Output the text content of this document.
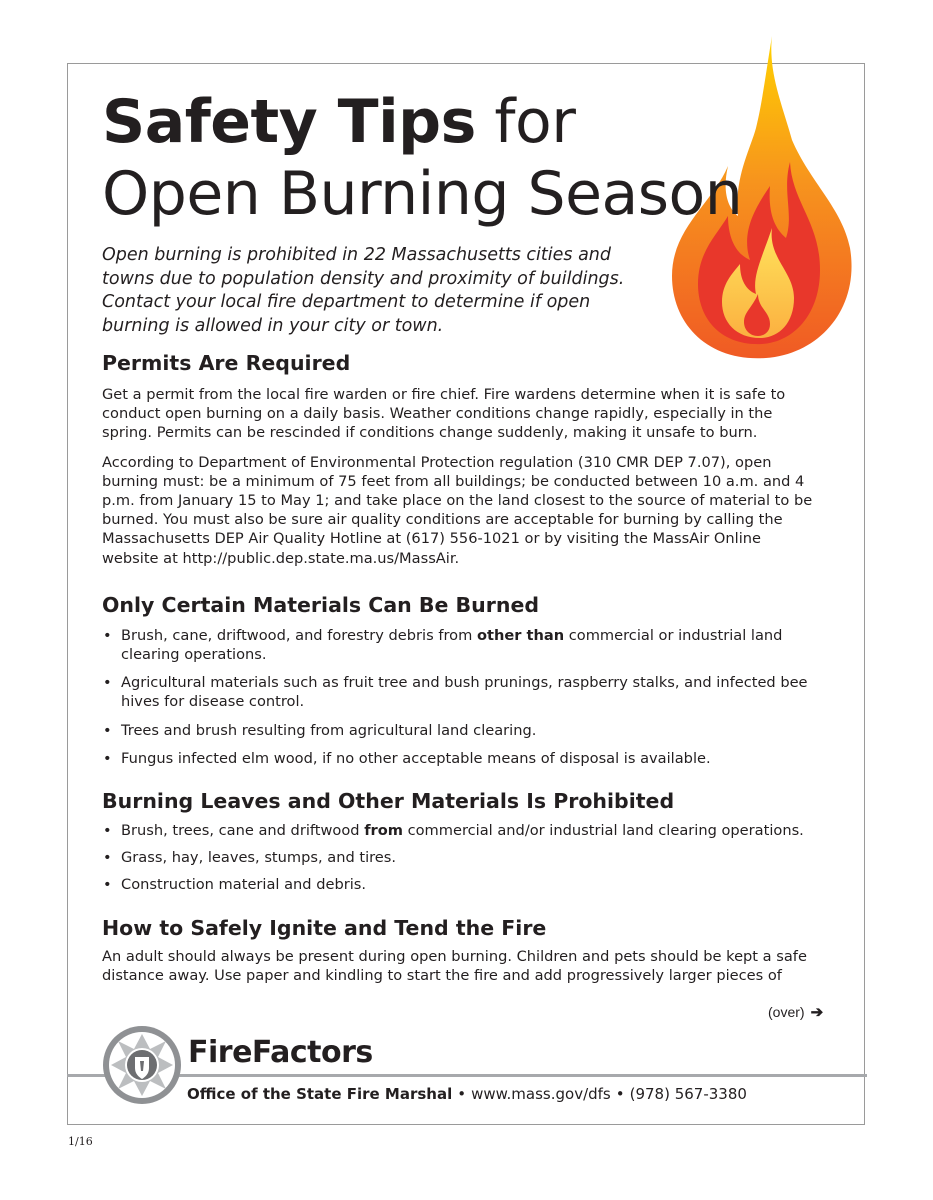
Safety Tips for
Open Burning Season

Open burning is prohibited in 22 Massachusetts cities and towns due to population density and proximity of buildings. Contact your local fire department to determine if open burning is allowed in your city or town.

Permits Are Required

Get a permit from the local fire warden or fire chief. Fire wardens determine when it is safe to conduct open burning on a daily basis. Weather conditions change rapidly, especially in the spring. Permits can be rescinded if conditions change suddenly, making it unsafe to burn.

According to Department of Environmental Protection regulation (310 CMR DEP 7.07), open burning must: be a minimum of 75 feet from all buildings; be conducted between 10 a.m. and 4 p.m. from January 15 to May 1; and take place on the land closest to the source of material to be burned. You must also be sure air quality conditions are acceptable for burning by calling the Massachusetts DEP Air Quality Hotline at (617) 556-1021 or by visiting the MassAir Online website at http://public.dep.state.ma.us/MassAir.

Only Certain Materials Can Be Burned
• Brush, cane, driftwood, and forestry debris from other than commercial or industrial land clearing operations.
• Agricultural materials such as fruit tree and bush prunings, raspberry stalks, and infected bee hives for disease control.
• Trees and brush resulting from agricultural land clearing.
• Fungus infected elm wood, if no other acceptable means of disposal is available.
Burning Leaves and Other Materials Is Prohibited
• Brush, trees, cane and driftwood from commercial and/or industrial land clearing operations.
• Grass, hay, leaves, stumps, and tires.
• Construction material and debris.
How to Safely Ignite and Tend the Fire

An adult should always be present during open burning. Children and pets should be kept a safe distance away. Use paper and kindling to start the fire and add progressively larger pieces of

(over) ➔
FireFactors
Office of the State Fire Marshal • www.mass.gov/dfs • (978) 567-3380
1/16
